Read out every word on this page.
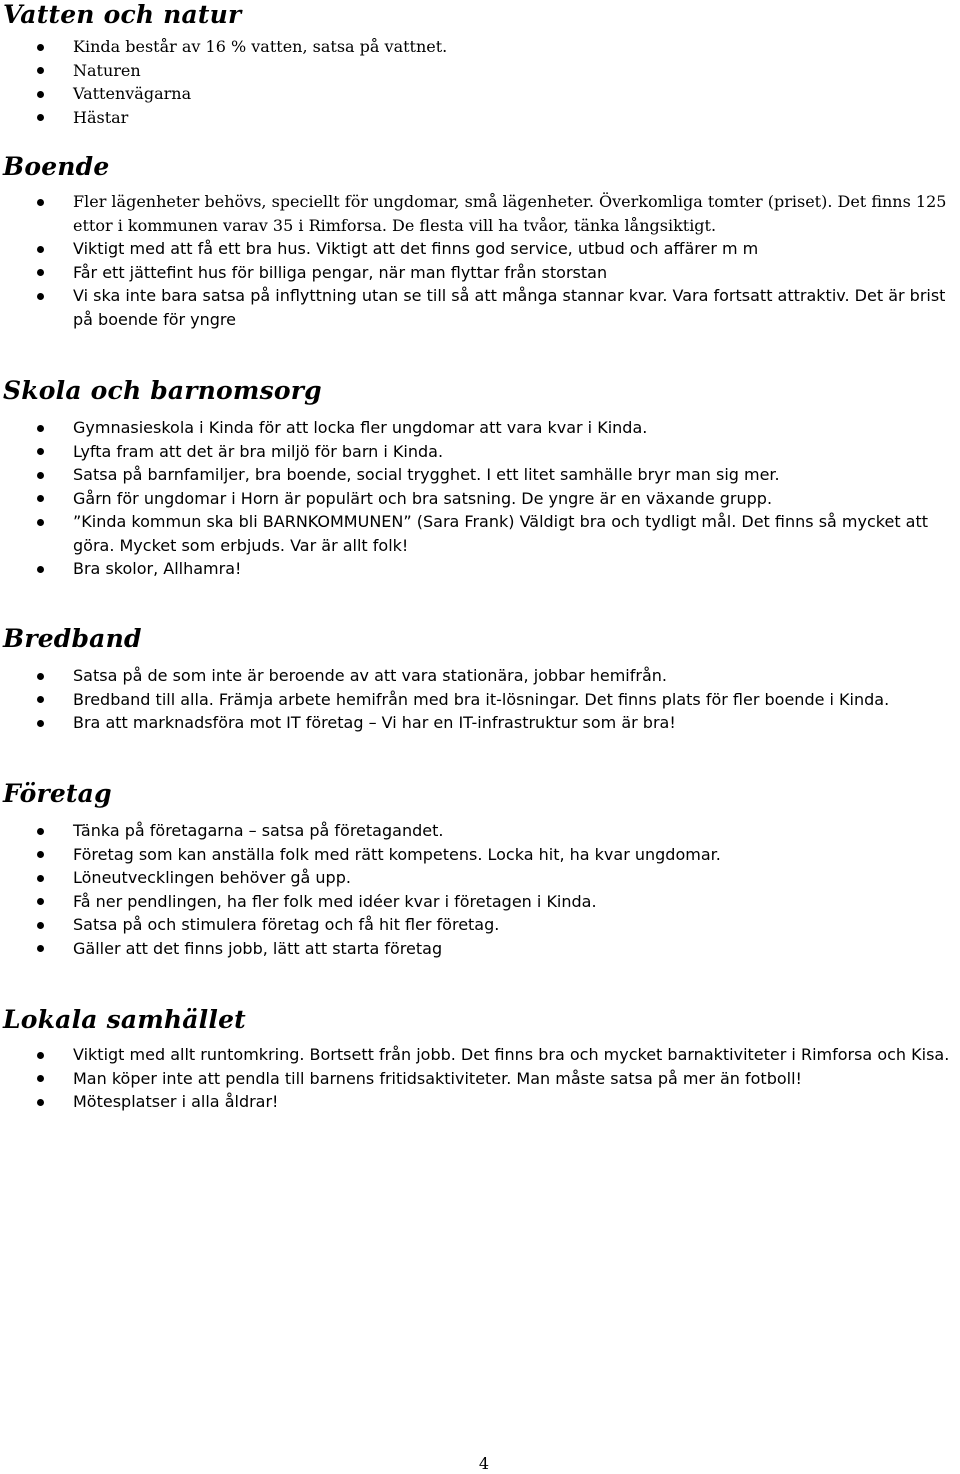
Vatten och natur
Kinda består av 16 % vatten, satsa på vattnet.
Naturen
Vattenvägarna
Hästar
Boende
Fler lägenheter behövs, speciellt för ungdomar, små lägenheter. Överkomliga tomter (priset). Det finns 125 ettor i kommunen varav 35 i Rimforsa. De flesta vill ha tvåor, tänka långsiktigt.
Viktigt med att få ett bra hus. Viktigt att det finns god service, utbud och affärer m m
Får ett jättefint hus för billiga pengar, när man flyttar från storstan
Vi ska inte bara satsa på inflyttning utan se till så att många stannar kvar. Vara fortsatt attraktiv. Det är brist på boende för yngre
Skola och barnomsorg
Gymnasieskola i Kinda för att locka fler ungdomar att vara kvar i Kinda.
Lyfta fram att det är bra miljö för barn i Kinda.
Satsa på barnfamiljer, bra boende, social trygghet. I ett litet samhälle bryr man sig mer.
Gårn för ungdomar i Horn är populärt och bra satsning. De yngre är en växande grupp.
”Kinda kommun ska bli BARNKOMMUNEN” (Sara Frank) Väldigt bra och tydligt mål. Det finns så mycket att göra. Mycket som erbjuds. Var är allt folk!
Bra skolor, Allhamra!
Bredband
Satsa på de som inte är beroende av att vara stationära, jobbar hemifrån.
Bredband till alla. Främja arbete hemifrån med bra it-lösningar. Det finns plats för fler boende i Kinda.
Bra att marknadsföra mot IT företag – Vi har en IT-infrastruktur som är bra!
Företag
Tänka på företagarna – satsa på företagandet.
Företag som kan anställa folk med rätt kompetens. Locka hit, ha kvar ungdomar.
Löneutvecklingen behöver gå upp.
Få ner pendlingen, ha fler folk med idéer kvar i företagen i Kinda.
Satsa på och stimulera företag och få hit fler företag.
Gäller att det finns jobb, lätt att starta företag
Lokala samhället
Viktigt med allt runtomkring. Bortsett från jobb. Det finns bra och mycket barnaktiviteter i Rimforsa och Kisa.
Man köper inte att pendla till barnens fritidsaktiviteter. Man måste satsa på mer än fotboll!
Mötesplatser i alla åldrar!
4
